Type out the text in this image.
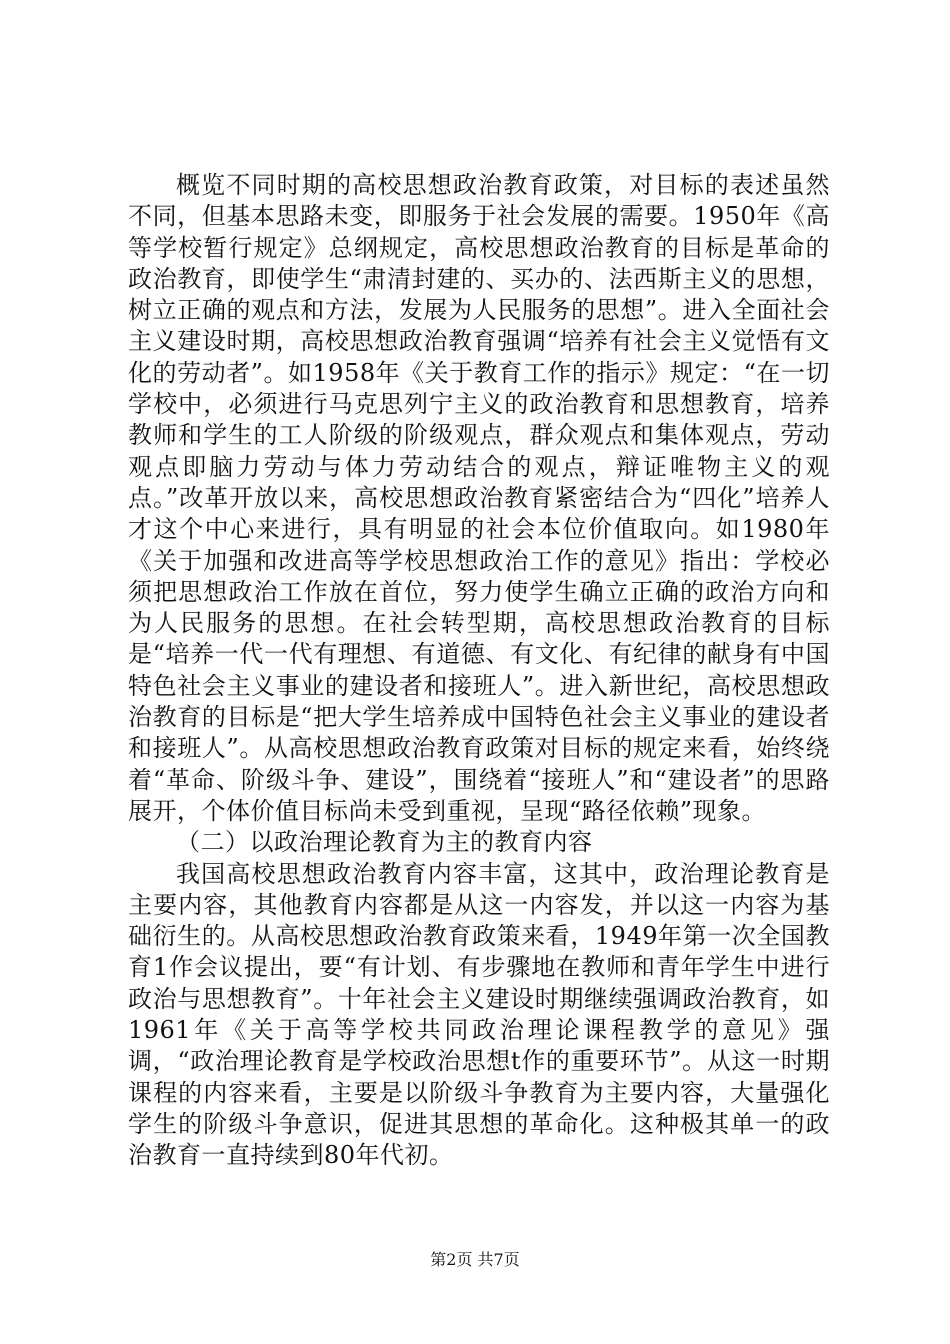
概览不同时期的高校思想政治教育政策，对目标的表述虽然不同，但基本思路未变，即服务于社会发展的需要。1950年《高等学校暂行规定》总纲规定，高校思想政治教育的目标是革命的政治教育，即使学生“肃清封建的、买办的、法西斯主义的思想，树立正确的观点和方法，发展为人民服务的思想”。进入全面社会主义建设时期，高校思想政治教育强调“培养有社会主义觉悟有文化的劳动者”。如1958年《关于教育工作的指示》规定：“在一切学校中，必须进行马克思列宁主义的政治教育和思想教育，培养教师和学生的工人阶级的阶级观点，群众观点和集体观点，劳动观点即脑力劳动与体力劳动结合的观点，辩证唯物主义的观点。”改革开放以来，高校思想政治教育紧密结合为“四化”培养人才这个中心来进行，具有明显的社会本位价值取向。如1980年《关于加强和改进高等学校思想政治工作的意见》指出：学校必须把思想政治工作放在首位，努力使学生确立正确的政治方向和为人民服务的思想。在社会转型期，高校思想政治教育的目标是“培养一代一代有理想、有道德、有文化、有纪律的献身有中国特色社会主义事业的建设者和接班人”。进入新世纪，高校思想政治教育的目标是“把大学生培养成中国特色社会主义事业的建设者和接班人”。从高校思想政治教育政策对目标的规定来看，始终绕着“革命、阶级斗争、建设”，围绕着“接班人”和“建设者”的思路展开，个体价值目标尚未受到重视，呈现“路径依赖”现象。

（二）以政治理论教育为主的教育内容

我国高校思想政治教育内容丰富，这其中，政治理论教育是主要内容，其他教育内容都是从这一内容发，并以这一内容为基础衍生的。从高校思想政治教育政策来看，1949年第一次全国教育1作会议提出，要“有计划、有步骤地在教师和青年学生中进行政治与思想教育”。十年社会主义建设时期继续强调政治教育，如1961年《关于高等学校共同政治理论课程教学的意见》强调，“政治理论教育是学校政治思想t作的重要环节”。从这一时期课程的内容来看，主要是以阶级斗争教育为主要内容，大量强化学生的阶级斗争意识，促进其思想的革命化。这种极其单一的政治教育一直持续到80年代初。

第2页 共7页
